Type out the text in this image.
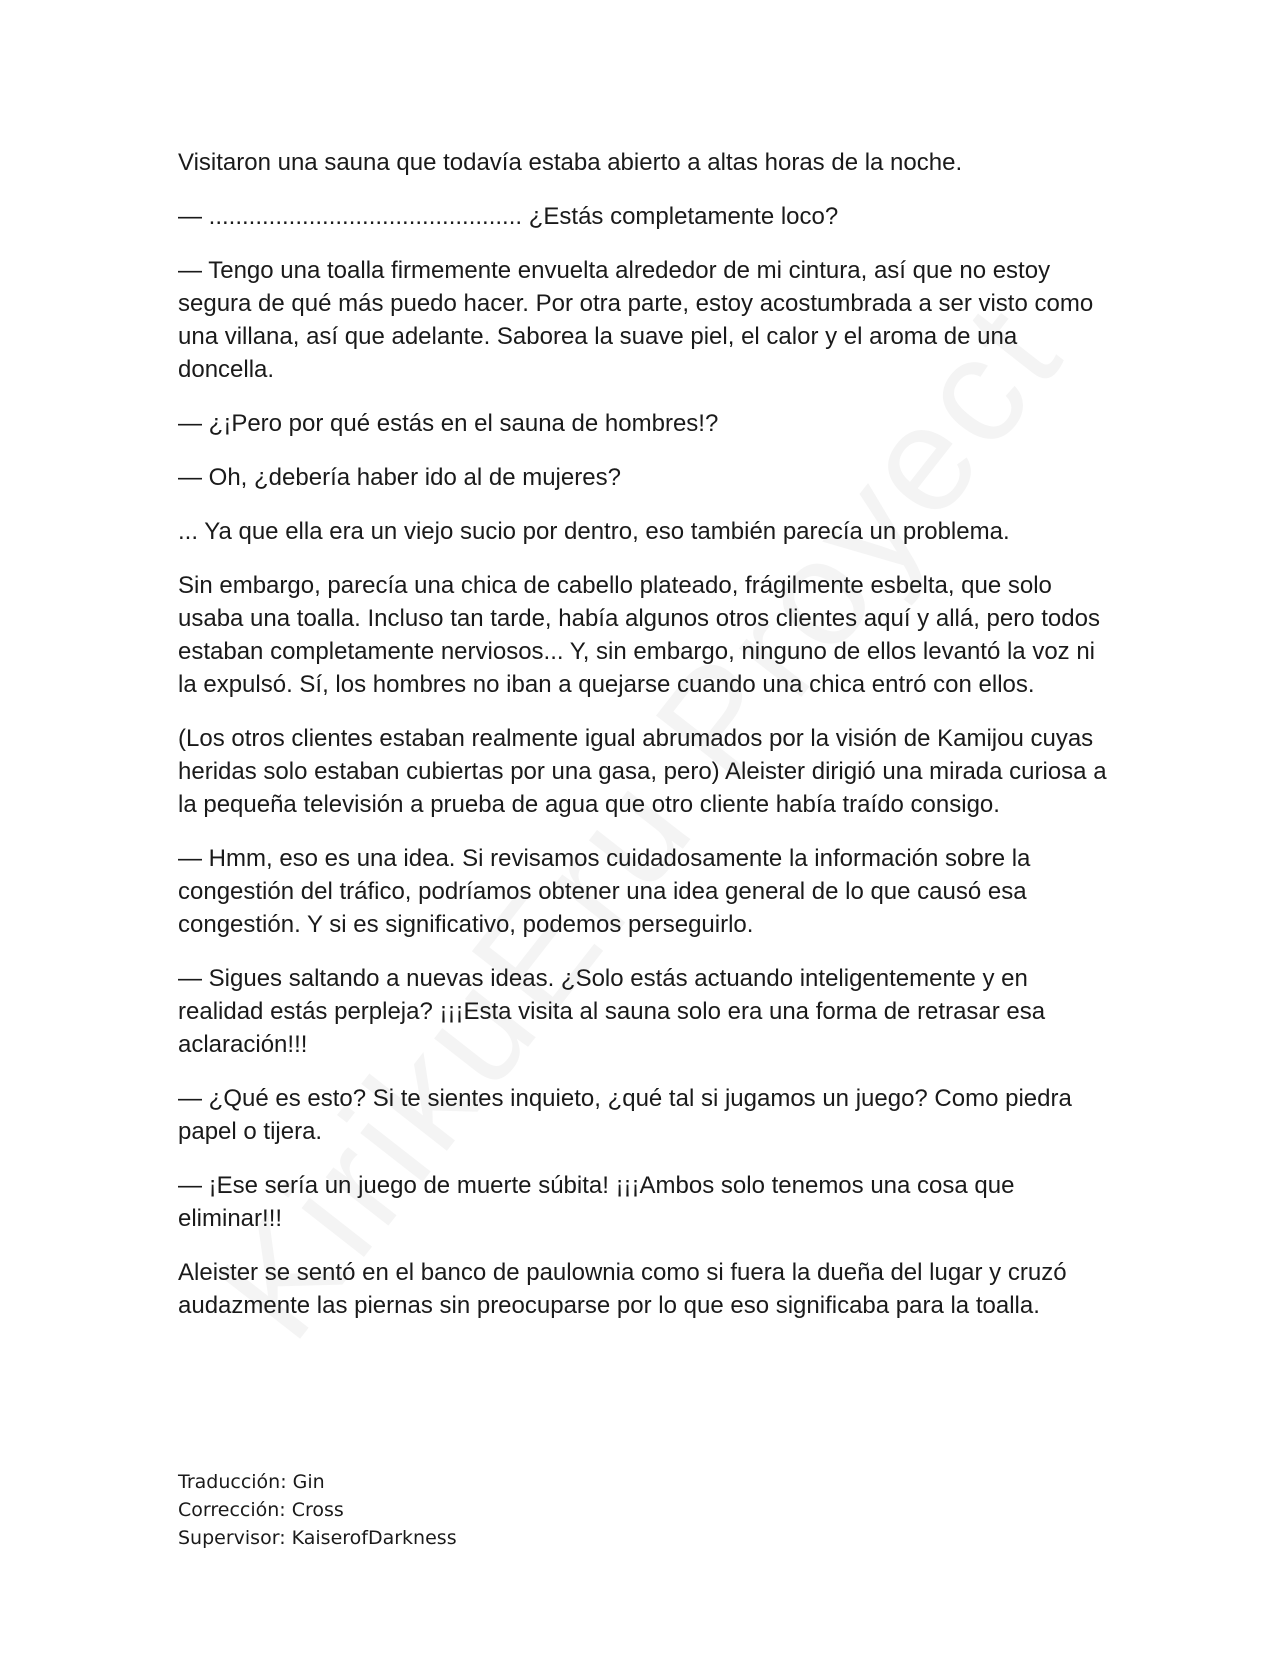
Visitaron una sauna que todavía estaba abierto a altas horas de la noche.

— ............................................... ¿Estás completamente loco?

— Tengo una toalla firmemente envuelta alrededor de mi cintura, así que no estoy segura de qué más puedo hacer. Por otra parte, estoy acostumbrada a ser visto como una villana, así que adelante. Saborea la suave piel, el calor y el aroma de una doncella.

— ¿¡Pero por qué estás en el sauna de hombres!?

— Oh, ¿debería haber ido al de mujeres?

... Ya que ella era un viejo sucio por dentro, eso también parecía un problema.

Sin embargo, parecía una chica de cabello plateado, frágilmente esbelta, que solo usaba una toalla. Incluso tan tarde, había algunos otros clientes aquí y allá, pero todos estaban completamente nerviosos... Y, sin embargo, ninguno de ellos levantó la voz ni la expulsó. Sí, los hombres no iban a quejarse cuando una chica entró con ellos.

(Los otros clientes estaban realmente igual abrumados por la visión de Kamijou cuyas heridas solo estaban cubiertas por una gasa, pero) Aleister dirigió una mirada curiosa a la pequeña televisión a prueba de agua que otro cliente había traído consigo.

— Hmm, eso es una idea. Si revisamos cuidadosamente la información sobre la congestión del tráfico, podríamos obtener una idea general de lo que causó esa congestión. Y si es significativo, podemos perseguirlo.

— Sigues saltando a nuevas ideas. ¿Solo estás actuando inteligentemente y en realidad estás perpleja? ¡¡¡Esta visita al sauna solo era una forma de retrasar esa aclaración!!!

— ¿Qué es esto? Si te sientes inquieto, ¿qué tal si jugamos un juego? Como piedra papel o tijera.

— ¡Ese sería un juego de muerte súbita! ¡¡¡Ambos solo tenemos una cosa que eliminar!!!

Aleister se sentó en el banco de paulownia como si fuera la dueña del lugar y cruzó audazmente las piernas sin preocuparse por lo que eso significaba para la toalla.

Traducción: Gin
Corrección: Cross
Supervisor: KaiserofDarkness
